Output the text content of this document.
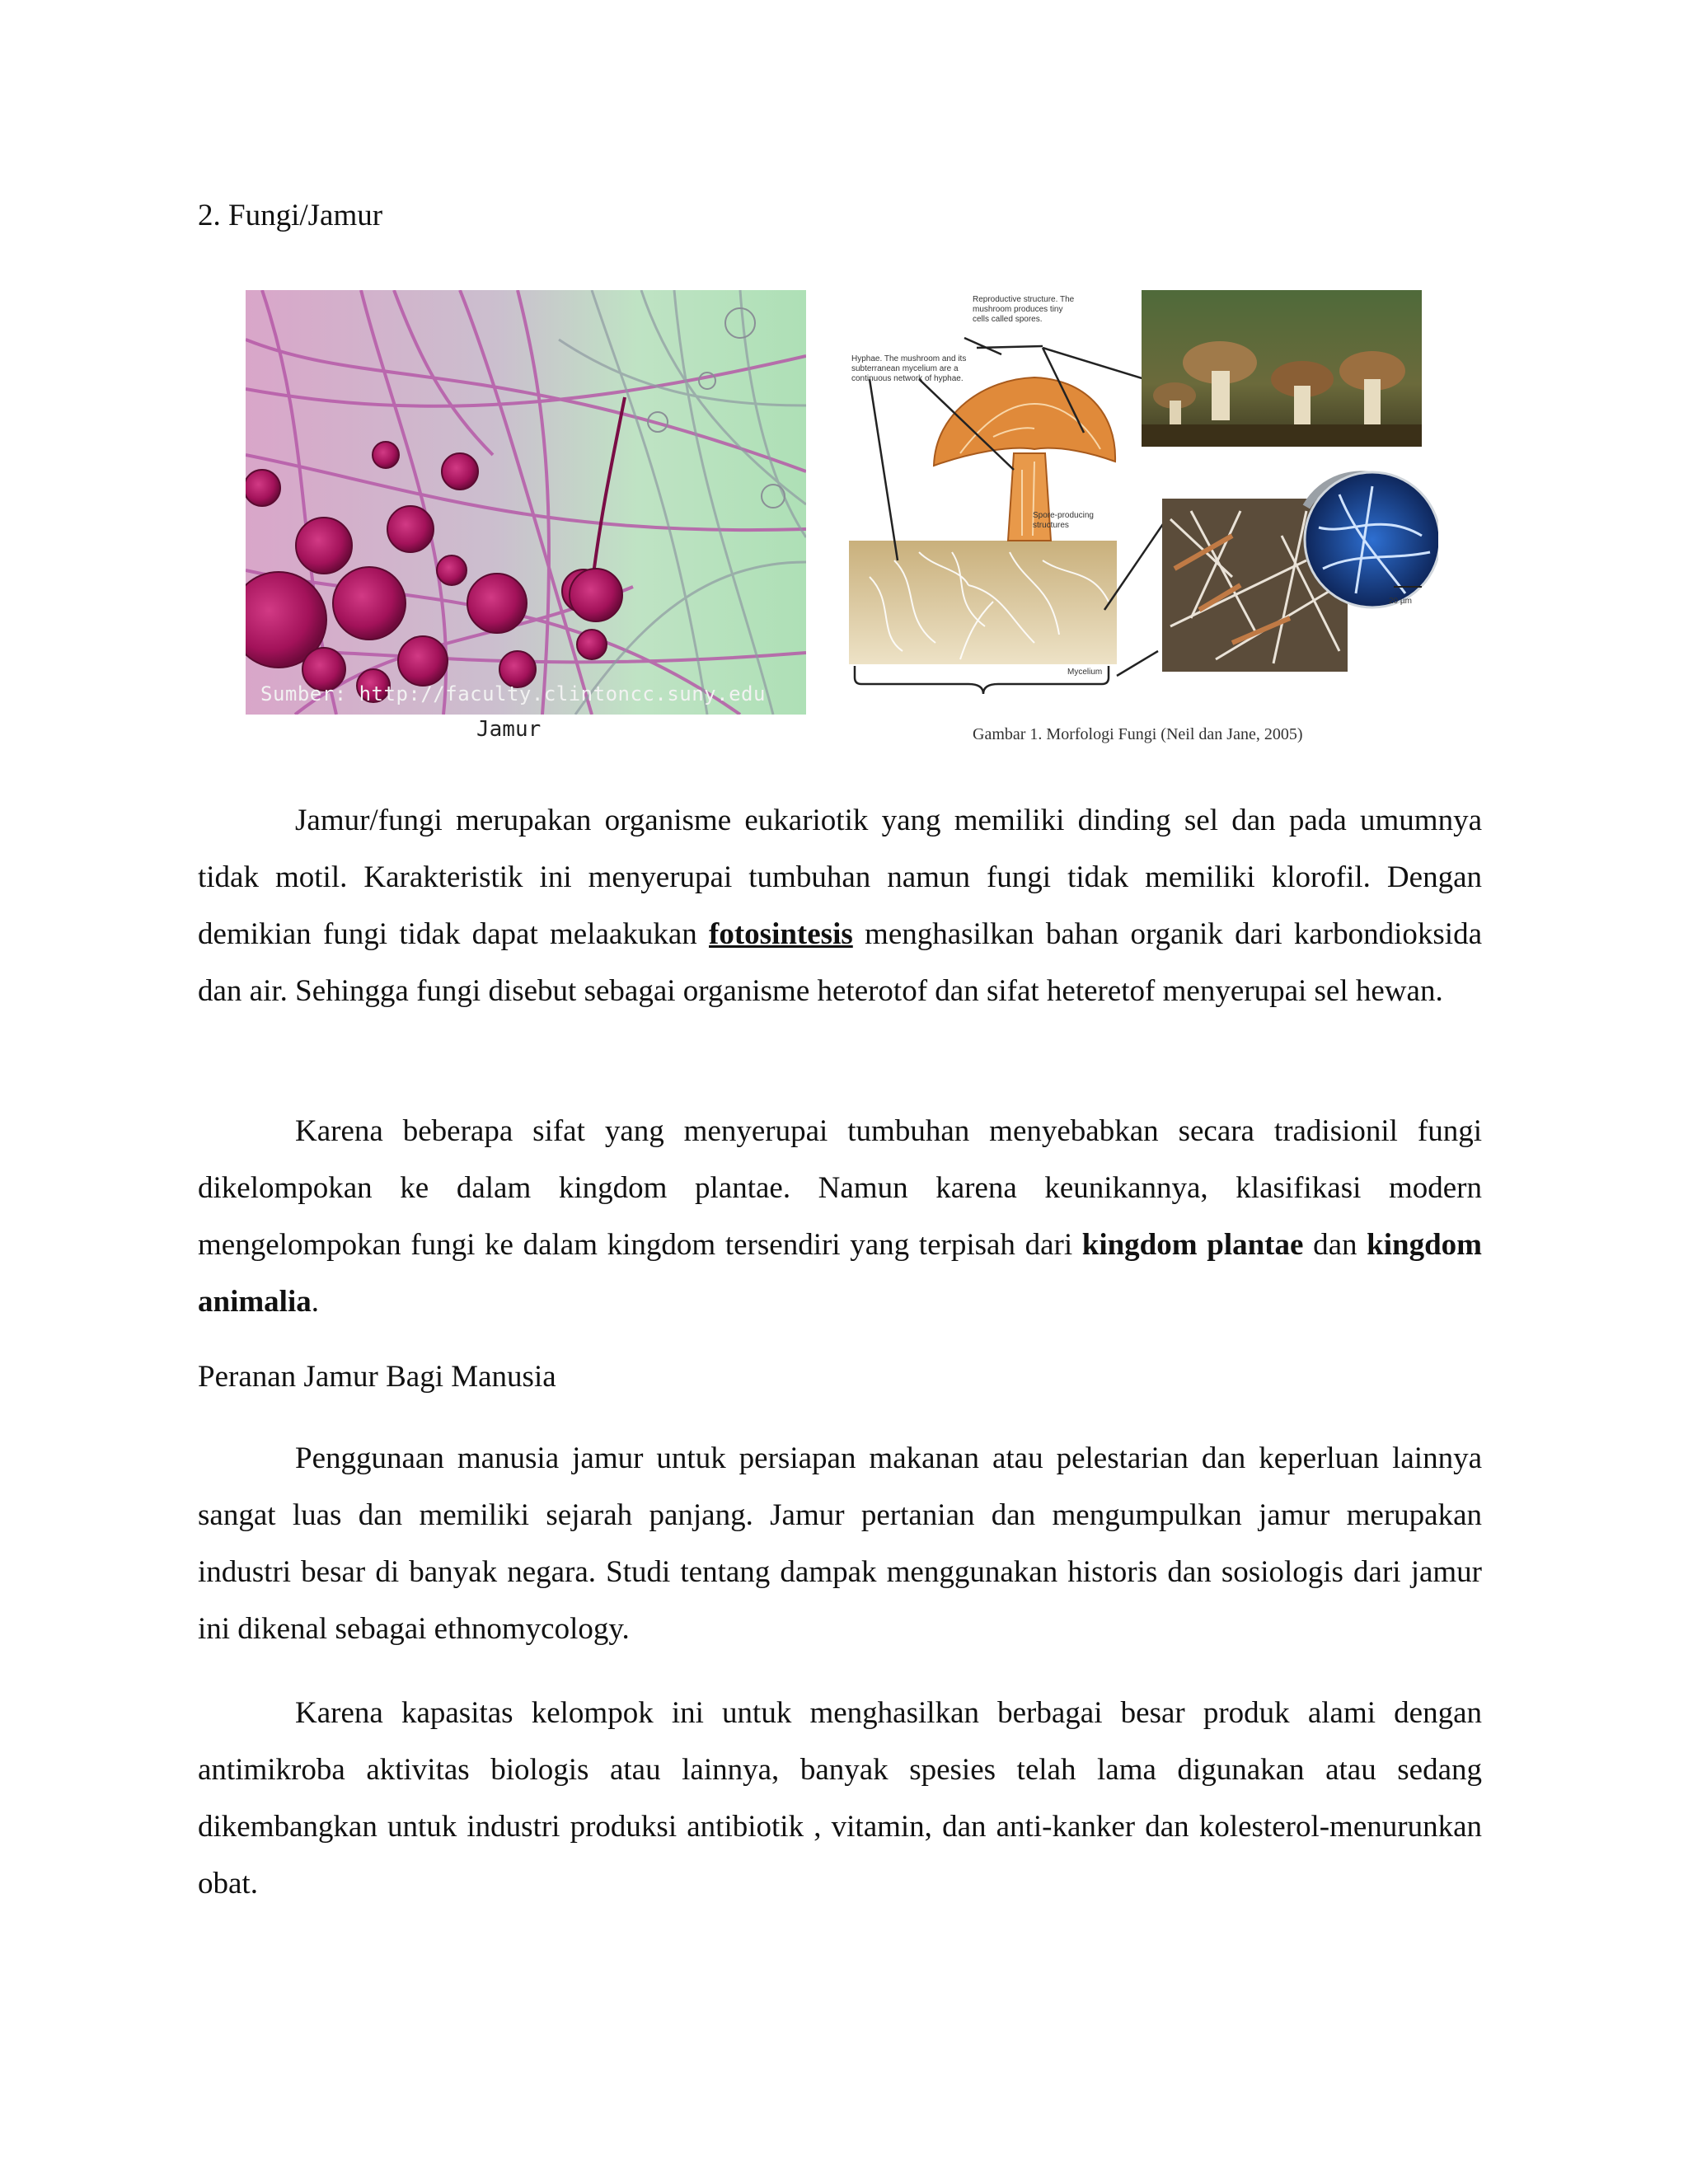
2. Fungi/Jamur
Sumber: http://faculty.clintoncc.suny.edu
Jamur
Reproductive structure. The mushroom produces tiny cells called spores.
Hyphae. The mushroom and its subterranean mycelium are a continuous network of hyphae.
Spore-producing structures
Mycelium
20 µm
Gambar 1. Morfologi Fungi (Neil dan Jane, 2005)

Jamur/fungi merupakan organisme eukariotik yang memiliki dinding sel dan pada umumnya tidak motil. Karakteristik ini menyerupai tumbuhan namun fungi tidak memiliki klorofil. Dengan demikian fungi tidak dapat melaakukan fotosintesis menghasilkan bahan organik dari karbondioksida dan air. Sehingga fungi disebut sebagai organisme heterotof dan sifat heteretof menyerupai sel hewan.

Karena beberapa sifat yang menyerupai tumbuhan menyebabkan secara tradisionil fungi dikelompokan ke dalam kingdom plantae. Namun karena keunikannya, klasifikasi modern mengelompokan fungi ke dalam kingdom tersendiri yang terpisah dari kingdom plantae dan kingdom animalia.

Peranan Jamur Bagi Manusia

Penggunaan manusia jamur untuk persiapan makanan atau pelestarian dan keperluan lainnya sangat luas dan memiliki sejarah panjang. Jamur pertanian dan mengumpulkan jamur merupakan industri besar di banyak negara. Studi tentang dampak menggunakan historis dan sosiologis dari jamur ini dikenal sebagai ethnomycology.

Karena kapasitas kelompok ini untuk menghasilkan berbagai besar produk alami dengan antimikroba aktivitas biologis atau lainnya, banyak spesies telah lama digunakan atau sedang dikembangkan untuk industri produksi antibiotik , vitamin, dan anti-kanker dan kolesterol-menurunkan obat.
